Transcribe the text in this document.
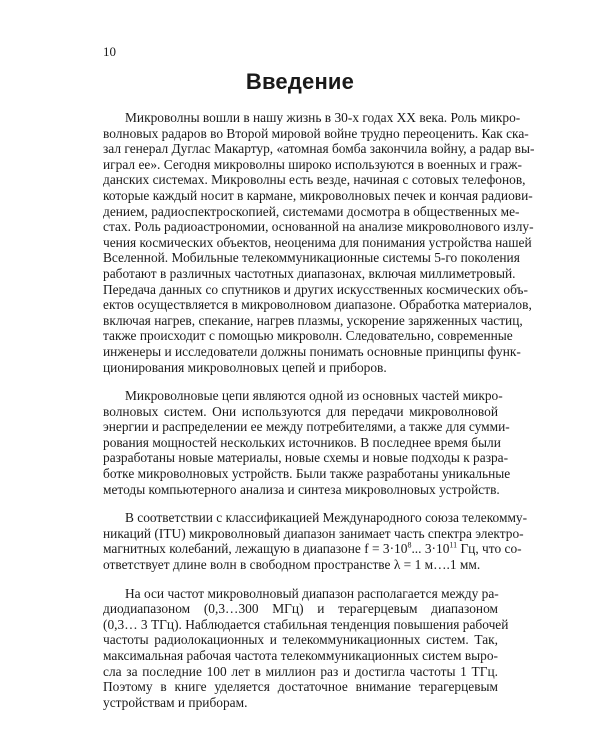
10
Введение

Микроволны вошли в нашу жизнь в 30-х годах XX века. Роль микро-
волновых радаров во Второй мировой войне трудно переоценить. Как ска-
зал генерал Дуглас Макартур, «атомная бомба закончила войну, а радар вы-
играл ее». Сегодня микроволны широко используются в военных и граж-
данских системах. Микроволны есть везде, начиная с сотовых телефонов,
которые каждый носит в кармане, микроволновых печек и кончая радиови-
дением, радиоспектроскопией, системами досмотра в общественных ме-
стах. Роль радиоастрономии, основанной на анализе микроволнового излу-
чения космических объектов, неоценима для понимания устройства нашей
Вселенной. Мобильные телекоммуникационные системы 5-го поколения
работают в различных частотных диапазонах, включая миллиметровый.
Передача данных со спутников и других искусственных космических объ-
ектов осуществляется в микроволновом диапазоне. Обработка материалов,
включая нагрев, спекание, нагрев плазмы, ускорение заряженных частиц,
также происходит с помощью микроволн. Следовательно, современные
инженеры и исследователи должны понимать основные принципы функ-
ционирования микроволновых цепей и приборов.

Микроволновые цепи являются одной из основных частей микро-
волновых систем. Они используются для передачи микроволновой
энергии и распределении ее между потребителями, а также для сумми-
рования мощностей нескольких источников. В последнее время были
разработаны новые материалы, новые схемы и новые подходы к разра-
ботке микроволновых устройств. Были также разработаны уникальные
методы компьютерного анализа и синтеза микроволновых устройств.

В соответствии с классификацией Международного союза телекомму-
никаций (ITU) микроволновый диапазон занимает часть спектра электро-
магнитных колебаний, лежащую в диапазоне $f = 3\cdot 10^8$... $3\cdot 10^{11}$ Гц, что со-
ответствует длине волн в свободном пространстве λ = 1 м….1 мм.

На оси частот микроволновый диапазон располагается между ра-
диодиапазоном (0,3…300 МГц) и терагерцевым диапазоном
(0,3… 3 ТГц). Наблюдается стабильная тенденция повышения рабочей
частоты радиолокационных и телекоммуникационных систем. Так,
максимальная рабочая частота телекоммуникационных систем выро-
сла за последние 100 лет в миллион раз и достигла частоты 1 ТГц.
Поэтому в книге уделяется достаточное внимание терагерцевым
устройствам и приборам.
